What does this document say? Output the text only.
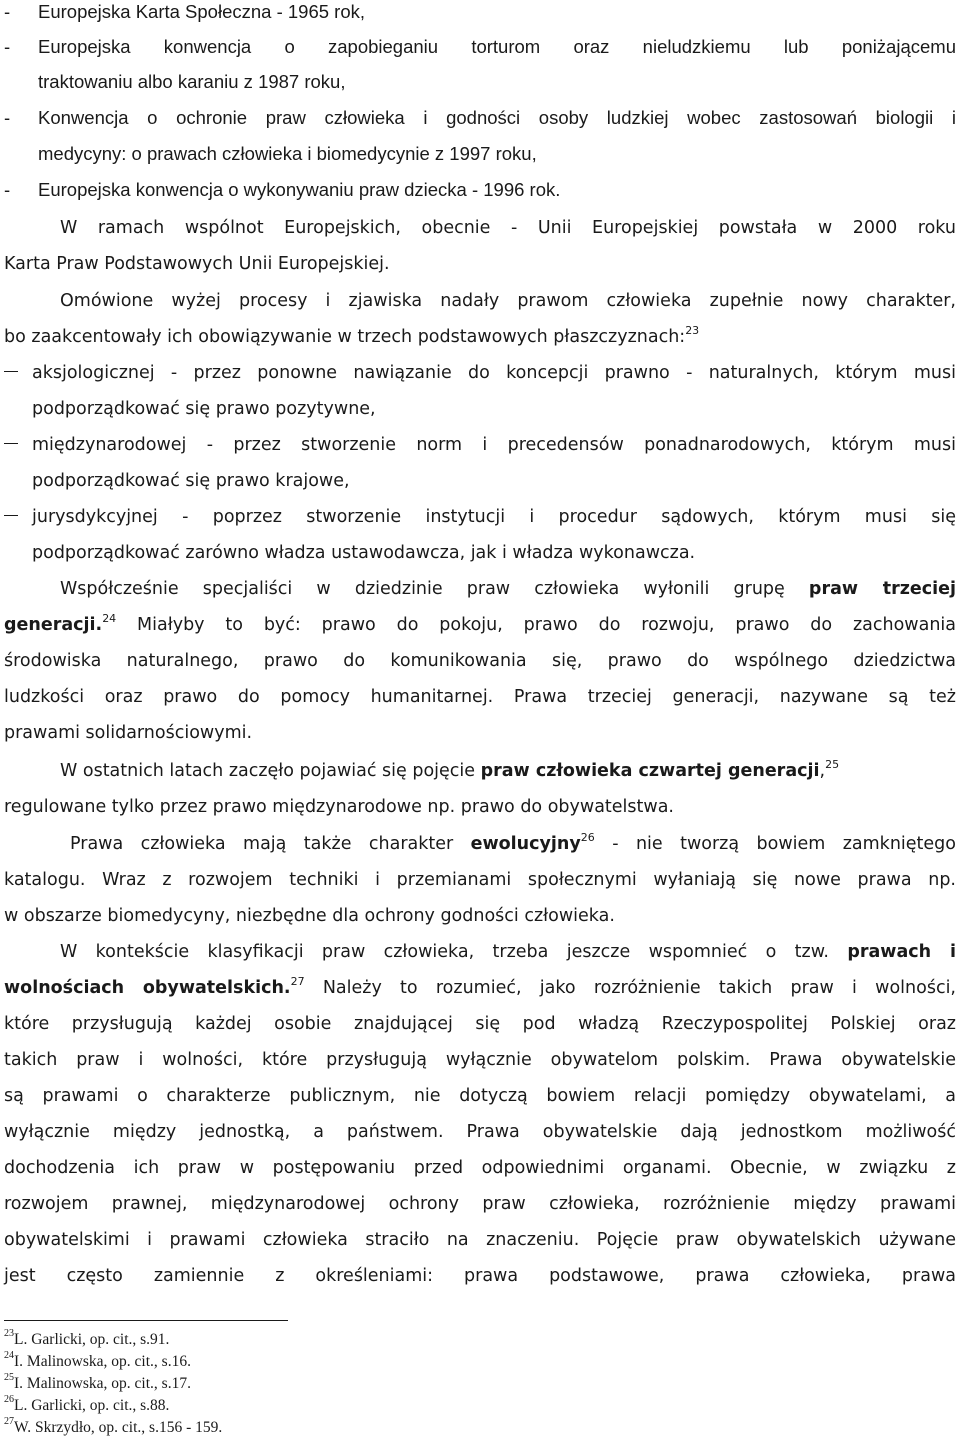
- Europejska Karta Społeczna - 1965 rok,
- Europejska konwencja o zapobieganiu torturom oraz nieludzkiemu lub poniżającemu
traktowaniu albo karaniu z 1987 roku,
- Konwencja o ochronie praw człowieka i godności osoby ludzkiej wobec zastosowań biologii i
medycyny: o prawach człowieka i biomedycynie z 1997 roku,
- Europejska konwencja o wykonywaniu praw dziecka - 1996 rok.
W ramach wspólnot Europejskich, obecnie - Unii Europejskiej powstała w 2000 roku
Karta Praw Podstawowych Unii Europejskiej.
Omówione wyżej procesy i zjawiska nadały prawom człowieka zupełnie nowy charakter,
bo zaakcentowały ich obowiązywanie w trzech podstawowych płaszczyznach:$^{23}$
aksjologicznej - przez ponowne nawiązanie do koncepcji prawno - naturalnych, którym musi
podporządkować się prawo pozytywne,
międzynarodowej - przez stworzenie norm i precedensów ponadnarodowych, którym musi
podporządkować się prawo krajowe,
jurysdykcyjnej - poprzez stworzenie instytucji i procedur sądowych, którym musi się
podporządkować zarówno władza ustawodawcza, jak i władza wykonawcza.
Współcześnie specjaliści w dziedzinie praw człowieka wyłonili grupę praw trzeciej
generacji.$^{24}$ Miałyby to być: prawo do pokoju, prawo do rozwoju, prawo do zachowania
środowiska naturalnego, prawo do komunikowania się, prawo do wspólnego dziedzictwa
ludzkości oraz prawo do pomocy humanitarnej. Prawa trzeciej generacji, nazywane są też
prawami solidarnościowymi.
W ostatnich latach zaczęło pojawiać się pojęcie praw człowieka czwartej generacji,$^{25}$
regulowane tylko przez prawo międzynarodowe np. prawo do obywatelstwa.
Prawa człowieka mają także charakter ewolucyjny$^{26}$ - nie tworzą bowiem zamkniętego
katalogu. Wraz z rozwojem techniki i przemianami społecznymi wyłaniają się nowe prawa np.
w obszarze biomedycyny, niezbędne dla ochrony godności człowieka.
W kontekście klasyfikacji praw człowieka, trzeba jeszcze wspomnieć o tzw. prawach i
wolnościach obywatelskich.$^{27}$ Należy to rozumieć, jako rozróżnienie takich praw i wolności,
które przysługują każdej osobie znajdującej się pod władzą Rzeczypospolitej Polskiej oraz
takich praw i wolności, które przysługują wyłącznie obywatelom polskim. Prawa obywatelskie
są prawami o charakterze publicznym, nie dotyczą bowiem relacji pomiędzy obywatelami, a
wyłącznie między jednostką, a państwem. Prawa obywatelskie dają jednostkom możliwość
dochodzenia ich praw w postępowaniu przed odpowiednimi organami. Obecnie, w związku z
rozwojem prawnej, międzynarodowej ochrony praw człowieka, rozróżnienie między prawami
obywatelskimi i prawami człowieka straciło na znaczeniu. Pojęcie praw obywatelskich używane
jest często zamiennie z określeniami: prawa podstawowe, prawa człowieka, prawa
$^{23}$L. Garlicki, op. cit., s.91.
$^{24}$I. Malinowska, op. cit., s.16.
$^{25}$I. Malinowska, op. cit., s.17.
$^{26}$L. Garlicki, op. cit., s.88.
$^{27}$W. Skrzydło, op. cit., s.156 - 159.
